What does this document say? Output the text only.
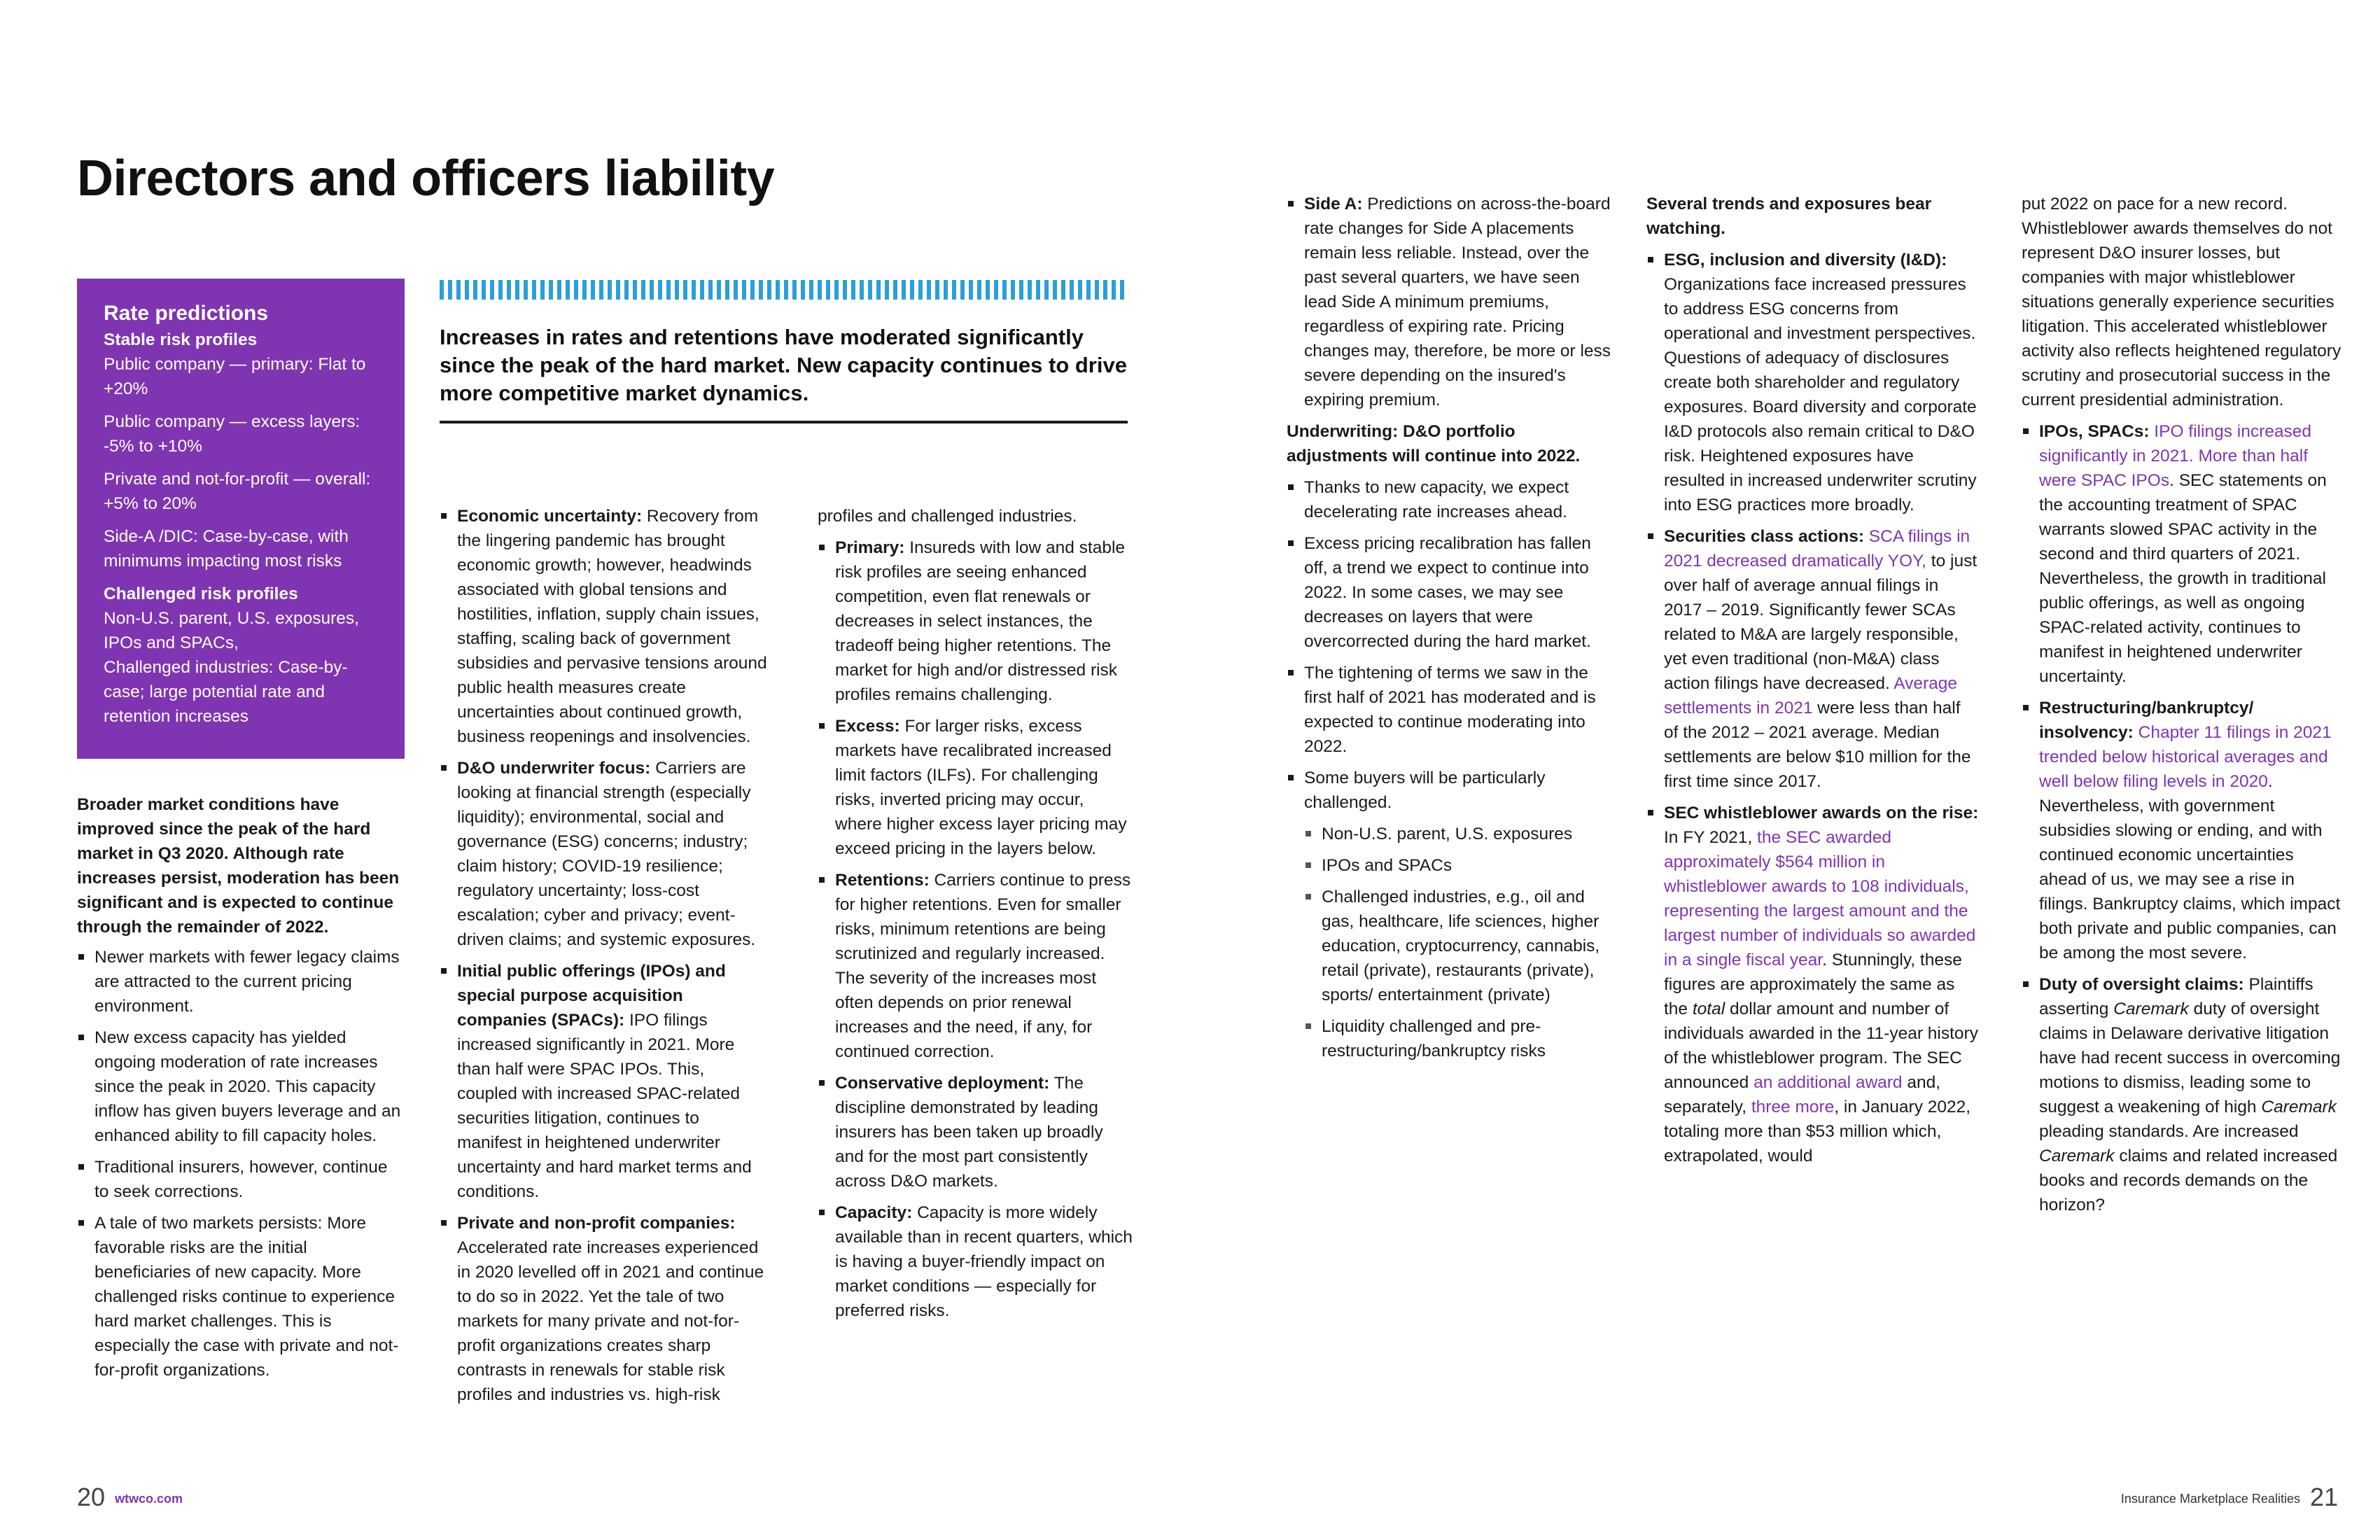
Directors and officers liability
Rate predictions
Stable risk profiles
Public company — primary: Flat to +20%
Public company — excess layers: -5% to +10%
Private and not-for-profit — overall: +5% to 20%
Side-A /DIC: Case-by-case, with minimums impacting most risks
Challenged risk profiles
Non-U.S. parent, U.S. exposures, IPOs and SPACs,
Challenged industries: Case-by-case; large potential rate and retention increases
Increases in rates and retentions have moderated significantly since the peak of the hard market. New capacity continues to drive more competitive market dynamics.

Broader market conditions have improved since the peak of the hard market in Q3 2020. Although rate increases persist, moderation has been significant and is expected to continue through the remainder of 2022.

Newer markets with fewer legacy claims are attracted to the current pricing environment.
New excess capacity has yielded ongoing moderation of rate increases since the peak in 2020. This capacity inflow has given buyers leverage and an enhanced ability to fill capacity holes.
Traditional insurers, however, continue to seek corrections.
A tale of two markets persists: More favorable risks are the initial beneficiaries of new capacity. More challenged risks continue to experience hard market challenges. This is especially the case with private and not-for-profit organizations.
Economic uncertainty: Recovery from the lingering pandemic has brought economic growth; however, headwinds associated with global tensions and hostilities, inflation, supply chain issues, staffing, scaling back of government subsidies and pervasive tensions around public health measures create uncertainties about continued growth, business reopenings and insolvencies.
D&O underwriter focus: Carriers are looking at financial strength (especially liquidity); environmental, social and governance (ESG) concerns; industry; claim history; COVID-19 resilience; regulatory uncertainty; loss-cost escalation; cyber and privacy; event-driven claims; and systemic exposures.
Initial public offerings (IPOs) and special purpose acquisition companies (SPACs): IPO filings increased significantly in 2021. More than half were SPAC IPOs. This, coupled with increased SPAC-related securities litigation, continues to manifest in heightened underwriter uncertainty and hard market terms and conditions.
Private and non-profit companies: Accelerated rate increases experienced in 2020 levelled off in 2021 and continue to do so in 2022. Yet the tale of two markets for many private and not-for-profit organizations creates sharp contrasts in renewals for stable risk profiles and industries vs. high-risk

profiles and challenged industries.

Primary: Insureds with low and stable risk profiles are seeing enhanced competition, even flat renewals or decreases in select instances, the tradeoff being higher retentions. The market for high and/or distressed risk profiles remains challenging.
Excess: For larger risks, excess markets have recalibrated increased limit factors (ILFs). For challenging risks, inverted pricing may occur, where higher excess layer pricing may exceed pricing in the layers below.
Retentions: Carriers continue to press for higher retentions. Even for smaller risks, minimum retentions are being scrutinized and regularly increased. The severity of the increases most often depends on prior renewal increases and the need, if any, for continued correction.
Conservative deployment: The discipline demonstrated by leading insurers has been taken up broadly and for the most part consistently across D&O markets.
Capacity: Capacity is more widely available than in recent quarters, which is having a buyer-friendly impact on market conditions — especially for preferred risks.
Side A: Predictions on across-the-board rate changes for Side A placements remain less reliable. Instead, over the past several quarters, we have seen lead Side A minimum premiums, regardless of expiring rate. Pricing changes may, therefore, be more or less severe depending on the insured's expiring premium.

Underwriting: D&O portfolio adjustments will continue into 2022.

Thanks to new capacity, we expect decelerating rate increases ahead.
Excess pricing recalibration has fallen off, a trend we expect to continue into 2022. In some cases, we may see decreases on layers that were overcorrected during the hard market.
The tightening of terms we saw in the first half of 2021 has moderated and is expected to continue moderating into 2022.
Some buyers will be particularly challenged.
Non-U.S. parent, U.S. exposures
IPOs and SPACs
Challenged industries, e.g., oil and gas, healthcare, life sciences, higher education, cryptocurrency, cannabis, retail (private), restaurants (private), sports/ entertainment (private)
Liquidity challenged and pre-restructuring/bankruptcy risks

Several trends and exposures bear watching.

ESG, inclusion and diversity (I&D): Organizations face increased pressures to address ESG concerns from operational and investment perspectives. Questions of adequacy of disclosures create both shareholder and regulatory exposures. Board diversity and corporate I&D protocols also remain critical to D&O risk. Heightened exposures have resulted in increased underwriter scrutiny into ESG practices more broadly.
Securities class actions: SCA filings in 2021 decreased dramatically YOY, to just over half of average annual filings in 2017 – 2019. Significantly fewer SCAs related to M&A are largely responsible, yet even traditional (non-M&A) class action filings have decreased. Average settlements in 2021 were less than half of the 2012 – 2021 average. Median settlements are below $10 million for the first time since 2017.
SEC whistleblower awards on the rise: In FY 2021, the SEC awarded approximately $564 million in whistleblower awards to 108 individuals, representing the largest amount and the largest number of individuals so awarded in a single fiscal year. Stunningly, these figures are approximately the same as the total dollar amount and number of individuals awarded in the 11-year history of the whistleblower program. The SEC announced an additional award and, separately, three more, in January 2022, totaling more than $53 million which, extrapolated, would

put 2022 on pace for a new record. Whistleblower awards themselves do not represent D&O insurer losses, but companies with major whistleblower situations generally experience securities litigation. This accelerated whistleblower activity also reflects heightened regulatory scrutiny and prosecutorial success in the current presidential administration.

IPOs, SPACs: IPO filings increased significantly in 2021. More than half were SPAC IPOs. SEC statements on the accounting treatment of SPAC warrants slowed SPAC activity in the second and third quarters of 2021. Nevertheless, the growth in traditional public offerings, as well as ongoing SPAC-related activity, continues to manifest in heightened underwriter uncertainty.
Restructuring/bankruptcy/ insolvency: Chapter 11 filings in 2021 trended below historical averages and well below filing levels in 2020. Nevertheless, with government subsidies slowing or ending, and with continued economic uncertainties ahead of us, we may see a rise in filings. Bankruptcy claims, which impact both private and public companies, can be among the most severe.
Duty of oversight claims: Plaintiffs asserting Caremark duty of oversight claims in Delaware derivative litigation have had recent success in overcoming motions to dismiss, leading some to suggest a weakening of high Caremark pleading standards. Are increased Caremark claims and related increased books and records demands on the horizon?
20 wtwco.com	Insurance Marketplace Realities 21
